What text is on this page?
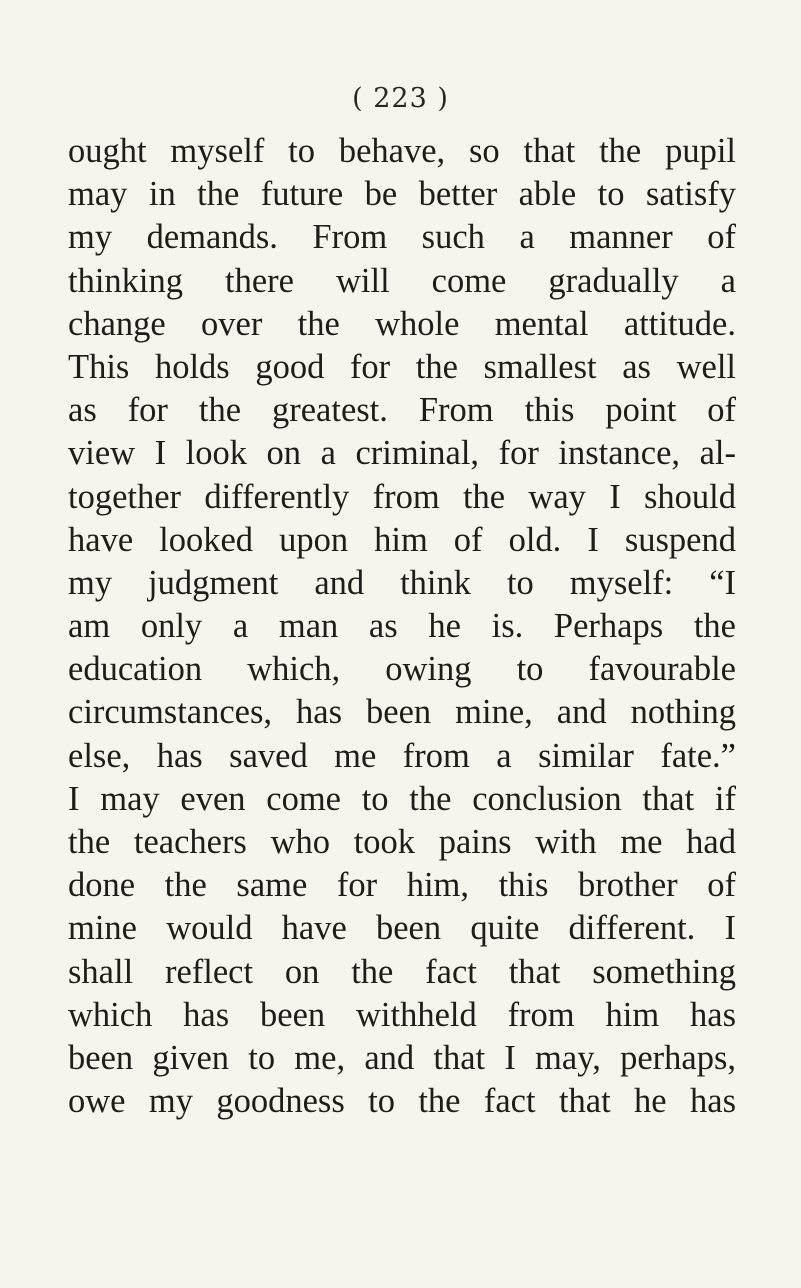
( 223 )
ought myself to behave, so that the pupil
may in the future be better able to satisfy
my demands. From such a manner of
thinking there will come gradually a
change over the whole mental attitude.
This holds good for the smallest as well
as for the greatest. From this point of
view I look on a criminal, for instance, al-
together differently from the way I should
have looked upon him of old. I suspend
my judgment and think to myself: “I
am only a man as he is. Perhaps the
education which, owing to favourable
circumstances, has been mine, and nothing
else, has saved me from a similar fate.”
I may even come to the conclusion that if
the teachers who took pains with me had
done the same for him, this brother of
mine would have been quite different. I
shall reflect on the fact that something
which has been withheld from him has
been given to me, and that I may, perhaps,
owe my goodness to the fact that he has
